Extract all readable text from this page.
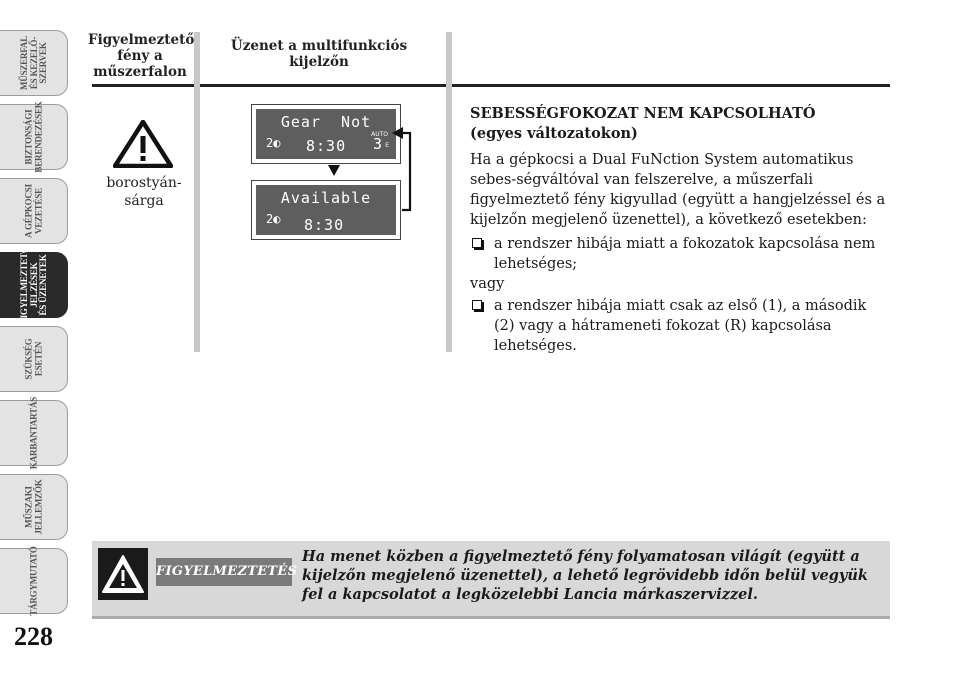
MŰSZERFAL
ÉS KEZELŐ-
SZERVEK
BIZTONSÁGI
BERENDEZÉSEK
A GÉPKOCSI
VEZETÉSE
FIGYELMEZTETŐ
JELZÉSEK
ÉS ÜZENETEK
SZÜKSÉG
ESETÉN
KARBANTARTÁS
MŰSZAKI
JELLEMZŐK
TÁRGYMUTATÓ
228
Figyelmeztető
fény a
műszerfalon
Üzenet a multifunkciós
kijelzőn
borostyán-
sárga
Gear  Not
2◐ 8:30
AUTO
3 E
Available
2◐ 8:30
SEBESSÉGFOKOZAT NEM KAPCSOLHATÓ
(egyes változatokon)
Ha a gépkocsi a Dual FuNction System automatikus sebes-ségváltóval van felszerelve, a műszerfali figyelmeztető fény kigyullad (együtt a hangjelzéssel és a kijelzőn megjelenő üzenettel), a következő esetekben:
a rendszer hibája miatt a fokozatok kapcsolása nem lehetséges;
vagy
a rendszer hibája miatt csak az első (1), a második (2) vagy a hátrameneti fokozat (R) kapcsolása lehetséges.
FIGYELMEZTETÉS
Ha menet közben a figyelmeztető fény folyamatosan világít (együtt a kijelzőn megjelenő üzenettel), a lehető legrövidebb időn belül vegyük fel a kapcsolatot a legközelebbi Lancia márkaszervizzel.
